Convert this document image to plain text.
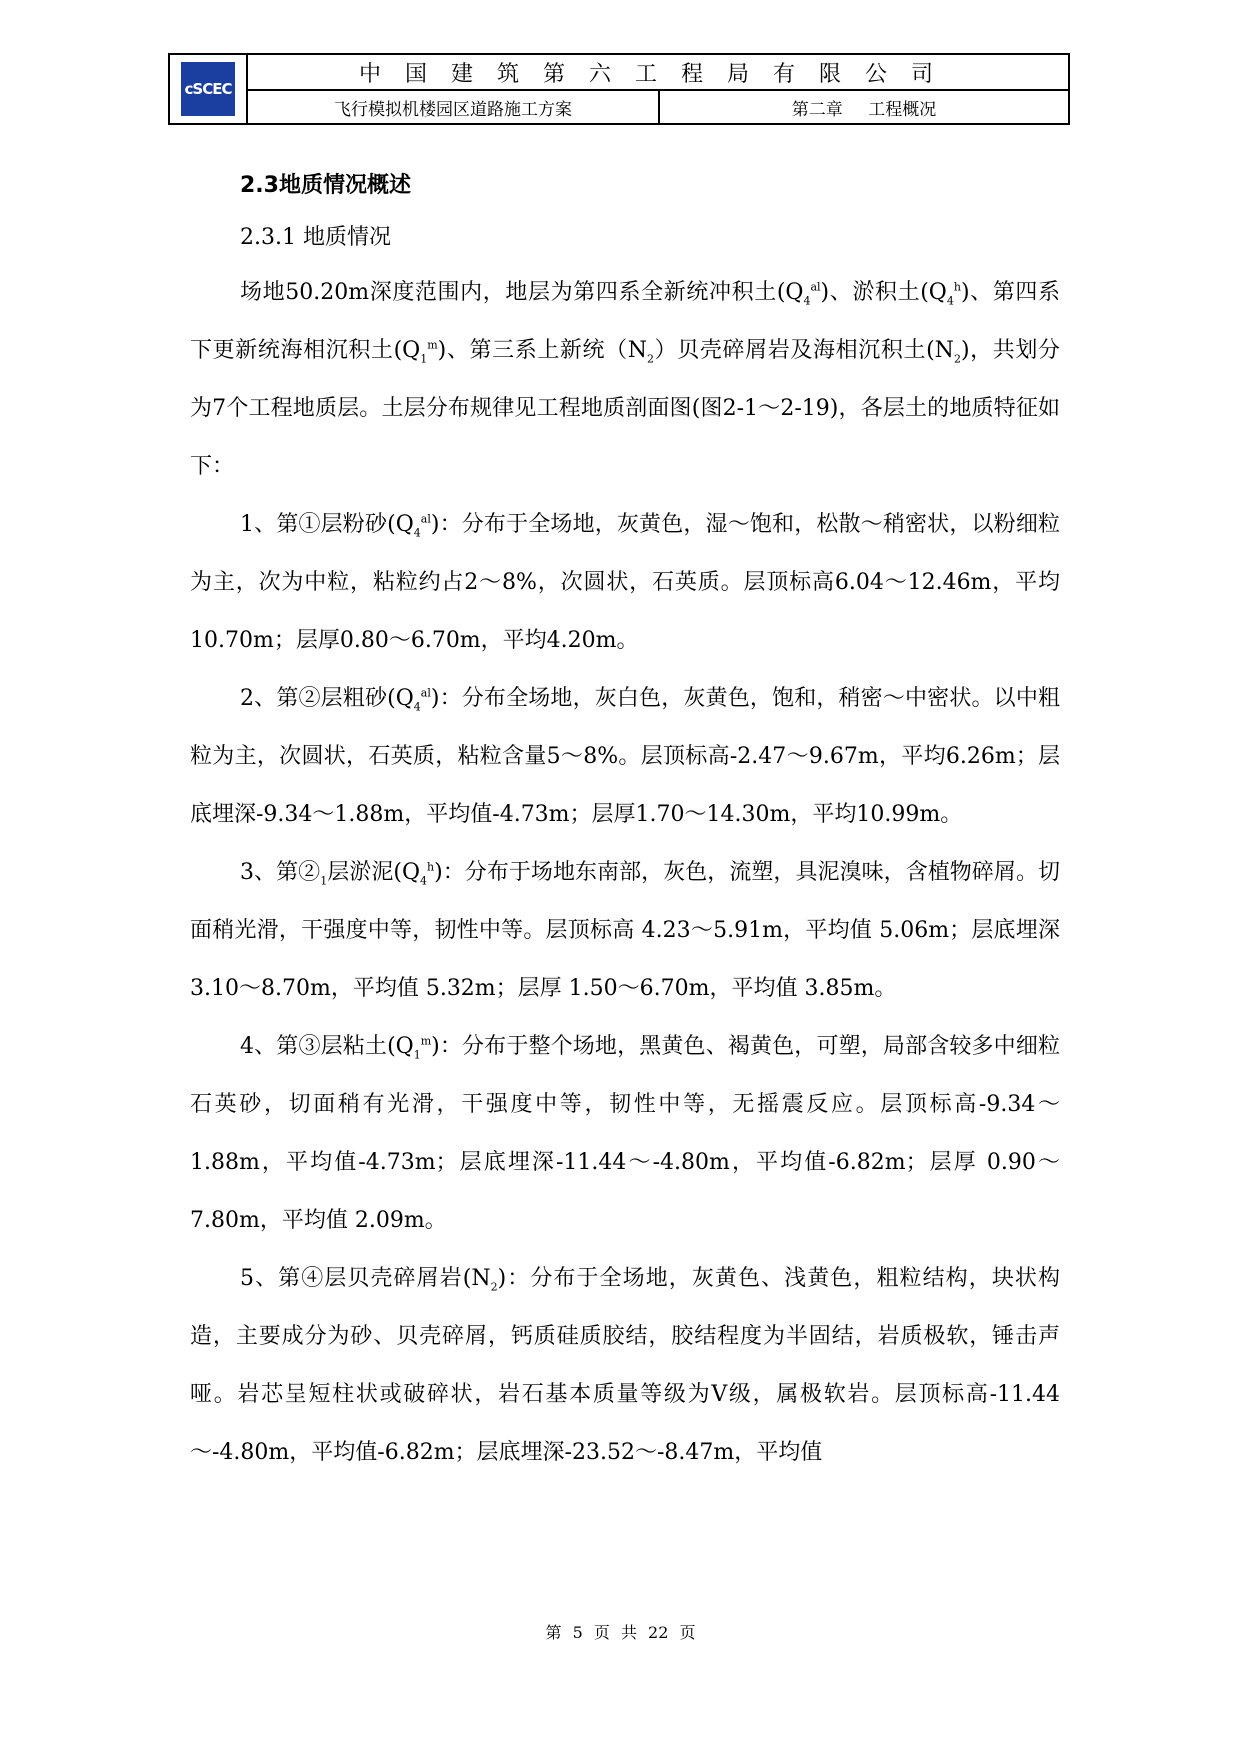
cSCEC
中国建筑第六工程局有限公司
飞行模拟机楼园区道路施工方案	第二章 工程概况
2.3地质情况概述
2.3.1 地质情况

场地50.20m深度范围内，地层为第四系全新统冲积土$(Q_4^{al})$、淤积土$(Q_4^h)$、第四系下更新统海相沉积土$(Q_1^m)$、第三系上新统$(N_2)$贝壳碎屑岩及海相沉积土$(N_2)$，共划分为7个工程地质层。土层分布规律见工程地质剖面图(图2-1～2-19)，各层土的地质特征如下：

1、第①层粉砂$(Q_4^{al})$：分布于全场地，灰黄色，湿～饱和，松散～稍密状，以粉细粒为主，次为中粒，粘粒约占2～8%，次圆状，石英质。层顶标高6.04～12.46m，平均10.70m；层厚0.80～6.70m，平均4.20m。

2、第②层粗砂$(Q_4^{al})$：分布全场地，灰白色，灰黄色，饱和，稍密～中密状。以中粗粒为主，次圆状，石英质，粘粒含量5～8%。层顶标高-2.47～9.67m，平均6.26m；层底埋深-9.34～1.88m，平均值-4.73m；层厚1.70～14.30m，平均10.99m。

3、第$②_1$层淤泥$(Q_4^h)$：分布于场地东南部，灰色，流塑，具泥溴味，含植物碎屑。切面稍光滑，干强度中等，韧性中等。层顶标高 4.23～5.91m，平均值 5.06m；层底埋深 3.10～8.70m，平均值 5.32m；层厚 1.50～6.70m，平均值 3.85m。

4、第③层粘土$(Q_1^m)$：分布于整个场地，黑黄色、褐黄色，可塑，局部含较多中细粒石英砂，切面稍有光滑，干强度中等，韧性中等，无摇震反应。层顶标高-9.34～1.88m，平均值-4.73m；层底埋深-11.44～-4.80m，平均值-6.82m；层厚 0.90～7.80m，平均值 2.09m。

5、第④层贝壳碎屑岩$(N_2)$：分布于全场地，灰黄色、浅黄色，粗粒结构，块状构造，主要成分为砂、贝壳碎屑，钙质硅质胶结，胶结程度为半固结，岩质极软，锤击声哑。岩芯呈短柱状或破碎状，岩石基本质量等级为Ⅴ级，属极软岩。层顶标高-11.44～-4.80m，平均值-6.82m；层底埋深-23.52～-8.47m，平均值

第 5 页 共 22 页
